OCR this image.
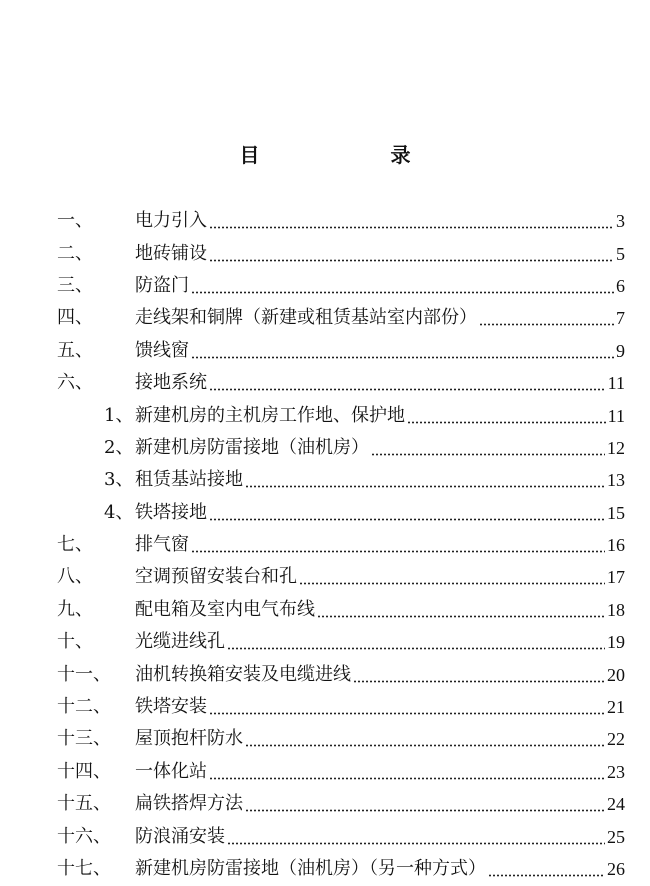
目 录
一、	电力引入	3
二、	地砖铺设	5
三、	防盗门	6
四、	走线架和铜牌（新建或租赁基站室内部份）	7
五、	馈线窗	9
六、	接地系统	11
1、 新建机房的主机房工作地、保护地	11
2、 新建机房防雷接地（油机房）	12
3、 租赁基站接地	13
4、 铁塔接地	15
七、	排气窗	16
八、	空调预留安装台和孔	17
九、	配电箱及室内电气布线	18
十、	光缆进线孔	19
十一、	油机转换箱安装及电缆进线	20
十二、	铁塔安装	21
十三、	屋顶抱杆防水	22
十四、	一体化站	23
十五、	扁铁搭焊方法	24
十六、	防浪涌安装	25
十七、	新建机房防雷接地（油机房）（另一种方式）	26
